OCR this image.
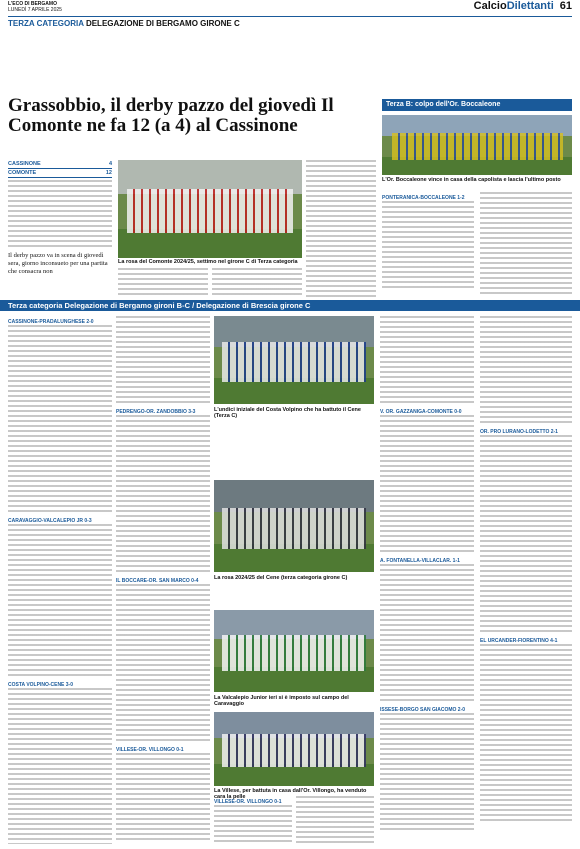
L'ECO DI BERGAMO
LUNEDÌ 7 APRILE 2025	CalcioDilettanti 61
TERZA CATEGORIA DELEGAZIONE DI BERGAMO GIRONE C
Grassobbio, il derby pazzo del giovedì Il Comonte ne fa 12 (a 4) al Cassinone
Terza B: colpo dell'Or. Boccaleone
L'Or. Boccaleone vince in casa della capolista e lascia l'ultimo posto
CASSINONE	4
COMONTE	12
Il derby pazzo va in scena di giovedì sera, giorno inconsueto per una partita che consacra non
La rosa del Comonte 2024/25, settimo nel girone C di Terza categoria
PONTERANICA-BOCCALEONE 1-2
Terza categoria Delegazione di Bergamo gironi B-C / Delegazione di Brescia girone C
CASSINONE-PRADALUNGHESE 2-0
CARAVAGGIO-VALCALEPIO JR 0-3
COSTA VOLPINO-CENE 3-0
PEDRENGO-OR. ZANDOBBIO 3-3
IL BOCCARE-OR. SAN MARCO 0-4
VILLESE-OR. VILLONGO 0-1
L'undici iniziale del Costa Volpino che ha battuto il Cene (Terza C)
La rosa 2024/25 del Cene (terza categoria girone C)
La Valcalepio Junior ieri si è imposto sul campo del Caravaggio
La Villese, per battuta in casa dall'Or. Villongo, ha venduto cara la pelle
VILLESE-OR. VILLONGO 0-1
V. OR. GAZZANIGA-COMONTE 0-0
A. FONTANELLA-VILLACLAR. 1-1
ISSESE-BORGO SAN GIACOMO 2-0
OR. PRO LURANO-LODETTO 2-1
EL URCANDER-FIORENTINO 4-1
